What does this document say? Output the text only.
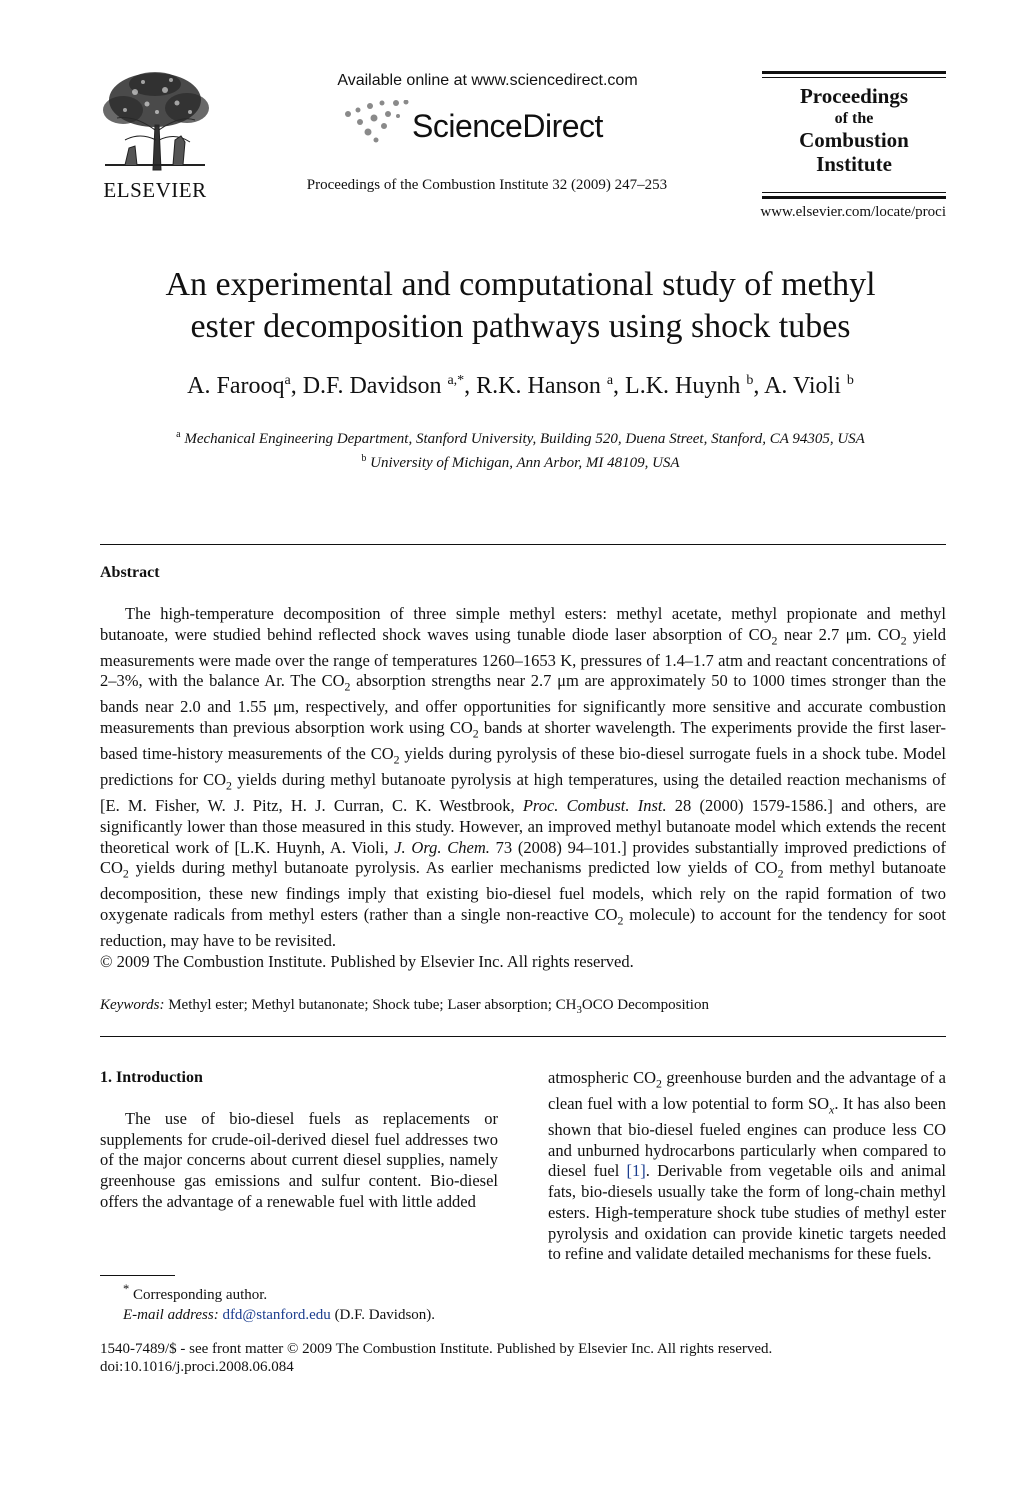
ELSEVIER
Available online at www.sciencedirect.com
ScienceDirect
Proceedings of the Combustion Institute 32 (2009) 247–253
Proceedings
of the
Combustion
Institute
www.elsevier.com/locate/proci
An experimental and computational study of methyl
ester decomposition pathways using shock tubes
A. Farooq$^a$, D.F. Davidson $^{a,*}$, R.K. Hanson $^a$, L.K. Huynh $^b$, A. Violi $^b$
$^a$ Mechanical Engineering Department, Stanford University, Building 520, Duena Street, Stanford, CA 94305, USA
$^b$ University of Michigan, Ann Arbor, MI 48109, USA
Abstract

The high-temperature decomposition of three simple methyl esters: methyl acetate, methyl propionate and methyl butanoate, were studied behind reflected shock waves using tunable diode laser absorption of $CO_2$ near 2.7 μm. $CO_2$ yield measurements were made over the range of temperatures 1260–1653 K, pressures of 1.4–1.7 atm and reactant concentrations of 2–3%, with the balance Ar. The $CO_2$ absorption strengths near 2.7 μm are approximately 50 to 1000 times stronger than the bands near 2.0 and 1.55 μm, respectively, and offer opportunities for significantly more sensitive and accurate combustion measurements than previous absorption work using $CO_2$ bands at shorter wavelength. The experiments provide the first laser-based time-history measurements of the $CO_2$ yields during pyrolysis of these bio-diesel surrogate fuels in a shock tube. Model predictions for $CO_2$ yields during methyl butanoate pyrolysis at high temperatures, using the detailed reaction mechanisms of [E. M. Fisher, W. J. Pitz, H. J. Curran, C. K. Westbrook, Proc. Combust. Inst. 28 (2000) 1579-1586.] and others, are significantly lower than those measured in this study. However, an improved methyl butanoate model which extends the recent theoretical work of [L.K. Huynh, A. Violi, J. Org. Chem. 73 (2008) 94–101.] provides substantially improved predictions of $CO_2$ yields during methyl butanoate pyrolysis. As earlier mechanisms predicted low yields of $CO_2$ from methyl butanoate decomposition, these new findings imply that existing bio-diesel fuel models, which rely on the rapid formation of two oxygenate radicals from methyl esters (rather than a single non-reactive $CO_2$ molecule) to account for the tendency for soot reduction, may have to be revisited.

© 2009 The Combustion Institute. Published by Elsevier Inc. All rights reserved.

Keywords: Methyl ester; Methyl butanonate; Shock tube; Laser absorption; $CH_3OCO$ Decomposition
1. Introduction

The use of bio-diesel fuels as replacements or supplements for crude-oil-derived diesel fuel addresses two of the major concerns about current diesel supplies, namely greenhouse gas emissions and sulfur content. Bio-diesel offers the advantage of a renewable fuel with little added

atmospheric $CO_2$ greenhouse burden and the advantage of a clean fuel with a low potential to form $SO_x$. It has also been shown that bio-diesel fueled engines can produce less CO and unburned hydrocarbons particularly when compared to diesel fuel [1]. Derivable from vegetable oils and animal fats, bio-diesels usually take the form of long-chain methyl esters. High-temperature shock tube studies of methyl ester pyrolysis and oxidation can provide kinetic targets needed to refine and validate detailed mechanisms for these fuels.

* Corresponding author.
E-mail address: dfd@stanford.edu (D.F. Davidson).
1540-7489/$ - see front matter © 2009 The Combustion Institute. Published by Elsevier Inc. All rights reserved.
doi:10.1016/j.proci.2008.06.084
